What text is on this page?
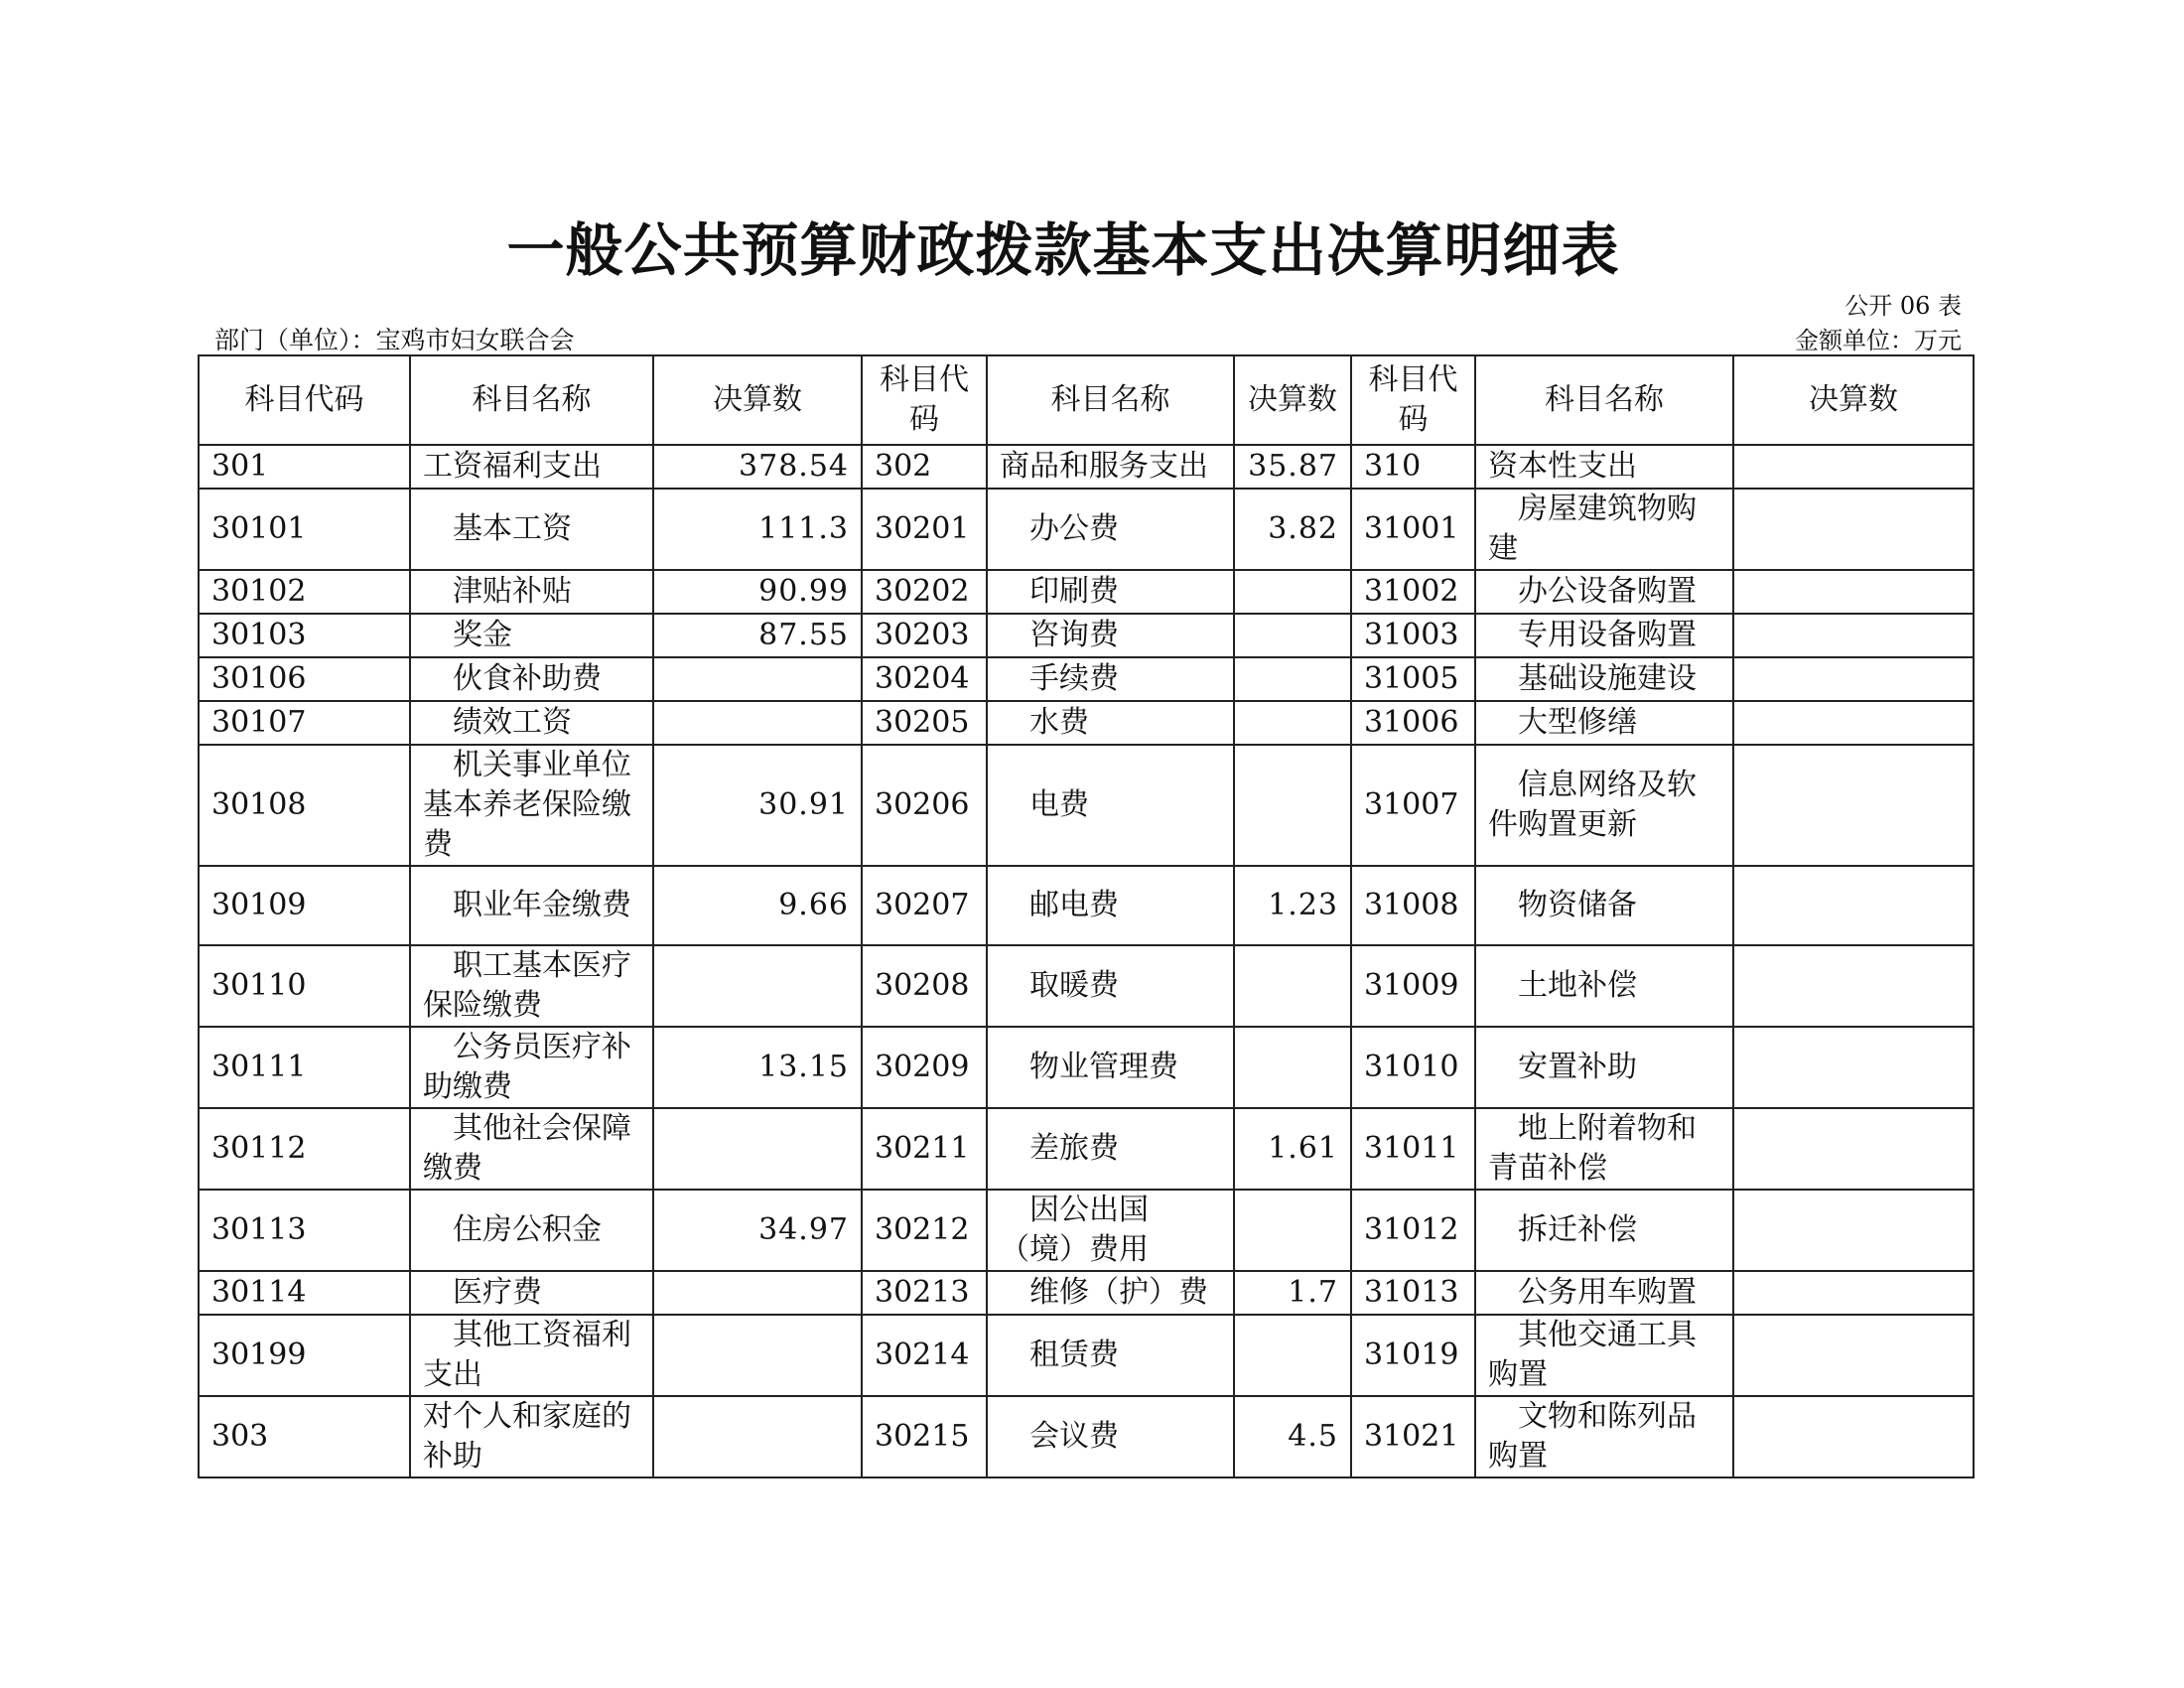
一般公共预算财政拨款基本支出决算明细表
公开 06 表
部门（单位）：宝鸡市妇女联合会	金额单位：万元
科目代码	科目名称	决算数	科目代码	科目名称	决算数	科目代码	科目名称	决算数
301	工资福利支出	378.54	302	商品和服务支出	35.87	310	资本性支出	
30101	基本工资	111.3	30201	办公费	3.82	31001	房屋建筑物购建	
30102	津贴补贴	90.99	30202	印刷费		31002	办公设备购置	
30103	奖金	87.55	30203	咨询费		31003	专用设备购置	
30106	伙食补助费		30204	手续费		31005	基础设施建设	
30107	绩效工资		30205	水费		31006	大型修缮	
30108	机关事业单位基本养老保险缴费	30.91	30206	电费		31007	信息网络及软件购置更新	
30109	职业年金缴费	9.66	30207	邮电费	1.23	31008	物资储备	
30110	职工基本医疗保险缴费		30208	取暖费		31009	土地补偿	
30111	公务员医疗补助缴费	13.15	30209	物业管理费		31010	安置补助	
30112	其他社会保障缴费		30211	差旅费	1.61	31011	地上附着物和青苗补偿	
30113	住房公积金	34.97	30212	因公出国（境）费用		31012	拆迁补偿	
30114	医疗费		30213	维修（护）费	1.7	31013	公务用车购置	
30199	其他工资福利支出		30214	租赁费		31019	其他交通工具购置	
303	对个人和家庭的补助		30215	会议费	4.5	31021	文物和陈列品购置	
